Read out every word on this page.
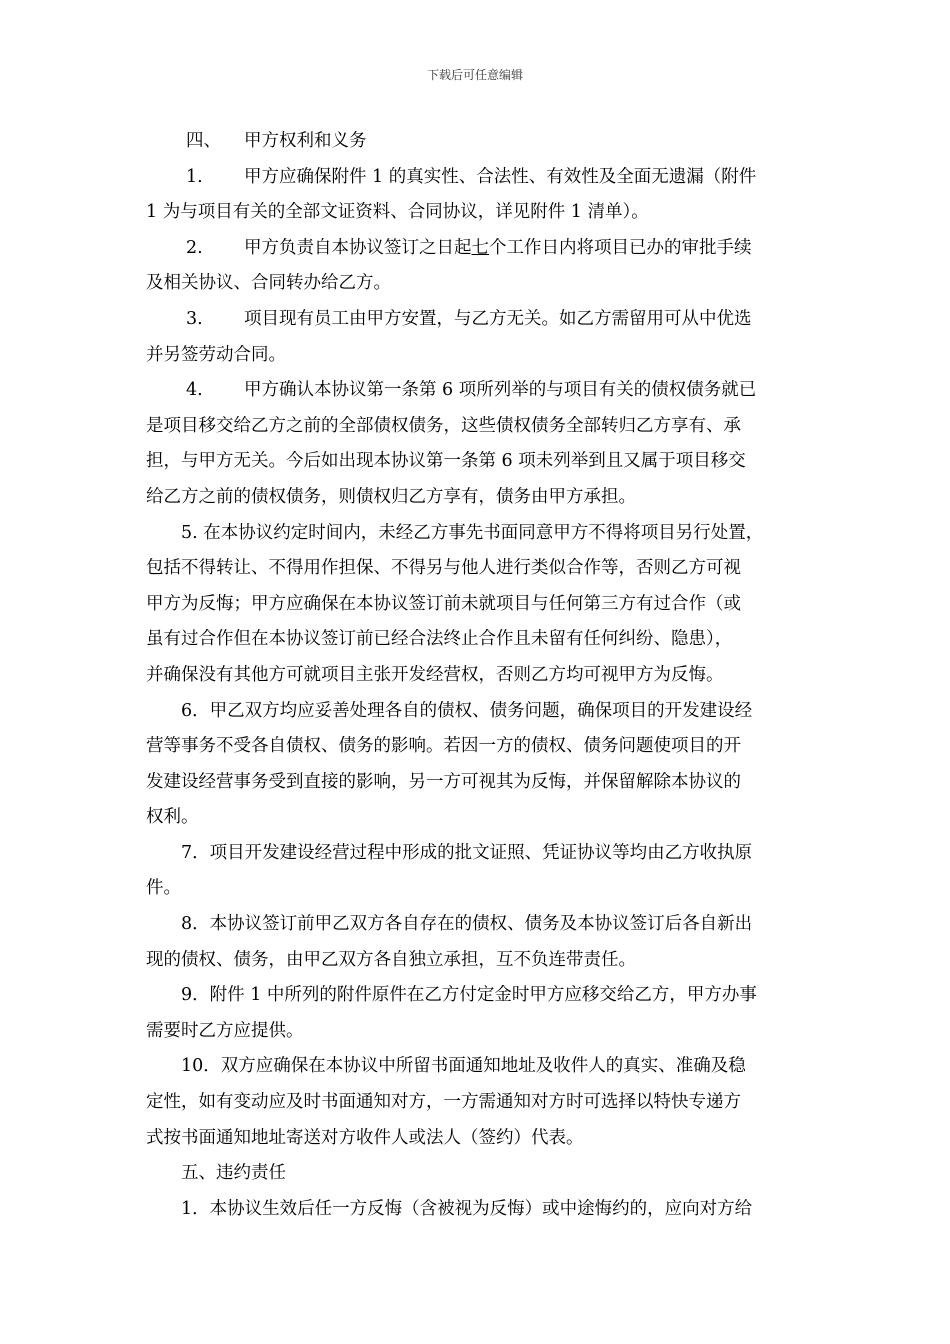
下载后可任意编辑
四、 甲方权利和义务
1. 甲方应确保附件 1 的真实性、合法性、有效性及全面无遗漏（附件
1 为与项目有关的全部文证资料、合同协议，详见附件 1 清单）。
2. 甲方负责自本协议签订之日起七个工作日内将项目已办的审批手续
及相关协议、合同转办给乙方。
3. 项目现有员工由甲方安置，与乙方无关。如乙方需留用可从中优选
并另签劳动合同。
4. 甲方确认本协议第一条第 6 项所列举的与项目有关的债权债务就已
是项目移交给乙方之前的全部债权债务，这些债权债务全部转归乙方享有、承
担，与甲方无关。今后如出现本协议第一条第 6 项未列举到且又属于项目移交
给乙方之前的债权债务，则债权归乙方享有，债务由甲方承担。
5. 在本协议约定时间内，未经乙方事先书面同意甲方不得将项目另行处置，
包括不得转让、不得用作担保、不得另与他人进行类似合作等，否则乙方可视
甲方为反悔；甲方应确保在本协议签订前未就项目与任何第三方有过合作（或
虽有过合作但在本协议签订前已经合法终止合作且未留有任何纠纷、隐患），
并确保没有其他方可就项目主张开发经营权，否则乙方均可视甲方为反悔。
6．甲乙双方均应妥善处理各自的债权、债务问题，确保项目的开发建设经
营等事务不受各自债权、债务的影响。若因一方的债权、债务问题使项目的开
发建设经营事务受到直接的影响，另一方可视其为反悔，并保留解除本协议的
权利。
7．项目开发建设经营过程中形成的批文证照、凭证协议等均由乙方收执原
件。
8．本协议签订前甲乙双方各自存在的债权、债务及本协议签订后各自新出
现的债权、债务，由甲乙双方各自独立承担，互不负连带责任。
9．附件 1 中所列的附件原件在乙方付定金时甲方应移交给乙方，甲方办事
需要时乙方应提供。
10．双方应确保在本协议中所留书面通知地址及收件人的真实、准确及稳
定性，如有变动应及时书面通知对方，一方需通知对方时可选择以特快专递方
式按书面通知地址寄送对方收件人或法人（签约）代表。
五、违约责任
1．本协议生效后任一方反悔（含被视为反悔）或中途悔约的，应向对方给
